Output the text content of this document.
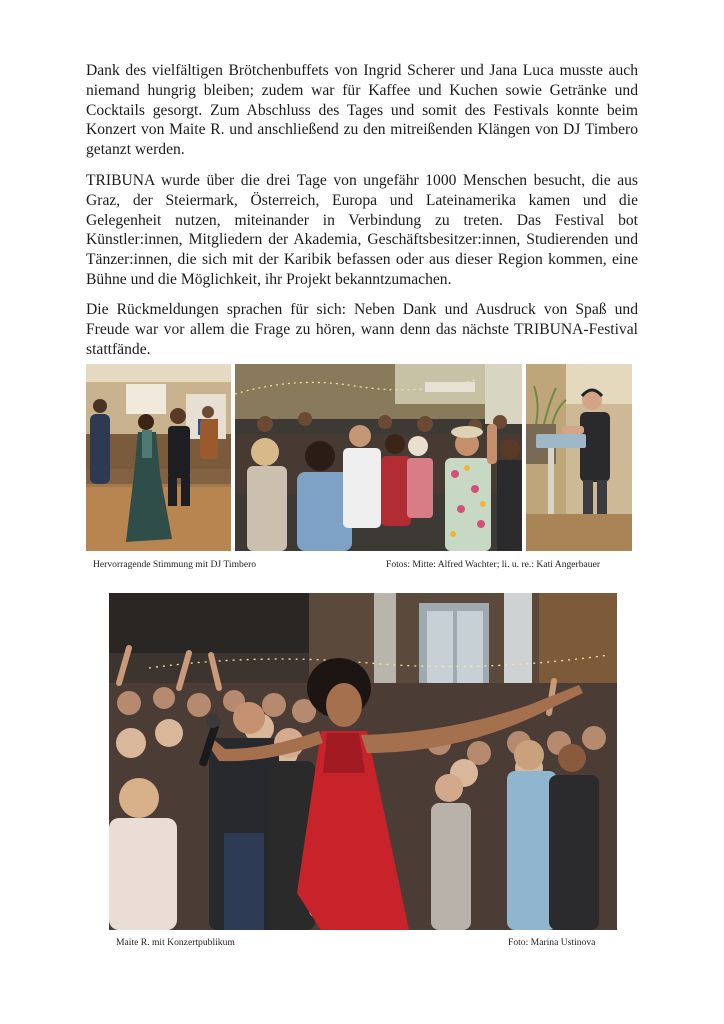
Dank des vielfältigen Brötchenbuffets von Ingrid Scherer und Jana Luca musste auch niemand hungrig bleiben; zudem war für Kaffee und Kuchen sowie Getränke und Cocktails gesorgt. Zum Abschluss des Tages und somit des Festivals konnte beim Konzert von Maite R. und anschließend zu den mitreißenden Klängen von DJ Timbero getanzt werden.

TRIBUNA wurde über die drei Tage von ungefähr 1000 Menschen besucht, die aus Graz, der Steiermark, Österreich, Europa und Lateinamerika kamen und die Gelegenheit nutzen, miteinander in Verbindung zu treten. Das Festival bot Künstler:innen, Mitgliedern der Akademia, Geschäftsbesitzer:innen, Studierenden und Tänzer:innen, die sich mit der Karibik befassen oder aus dieser Region kommen, eine Bühne und die Möglichkeit, ihr Projekt bekanntzumachen.

Die Rückmeldungen sprachen für sich: Neben Dank und Ausdruck von Spaß und Freude war vor allem die Frage zu hören, wann denn das nächste TRIBUNA-Festival stattfände.

Hervorragende Stimmung mit DJ Timbero	Fotos: Mitte: Alfred Wachter; li. u. re.: Kati Angerbauer

Maite R. mit Konzertpublikum	Foto: Marina Ustinova
